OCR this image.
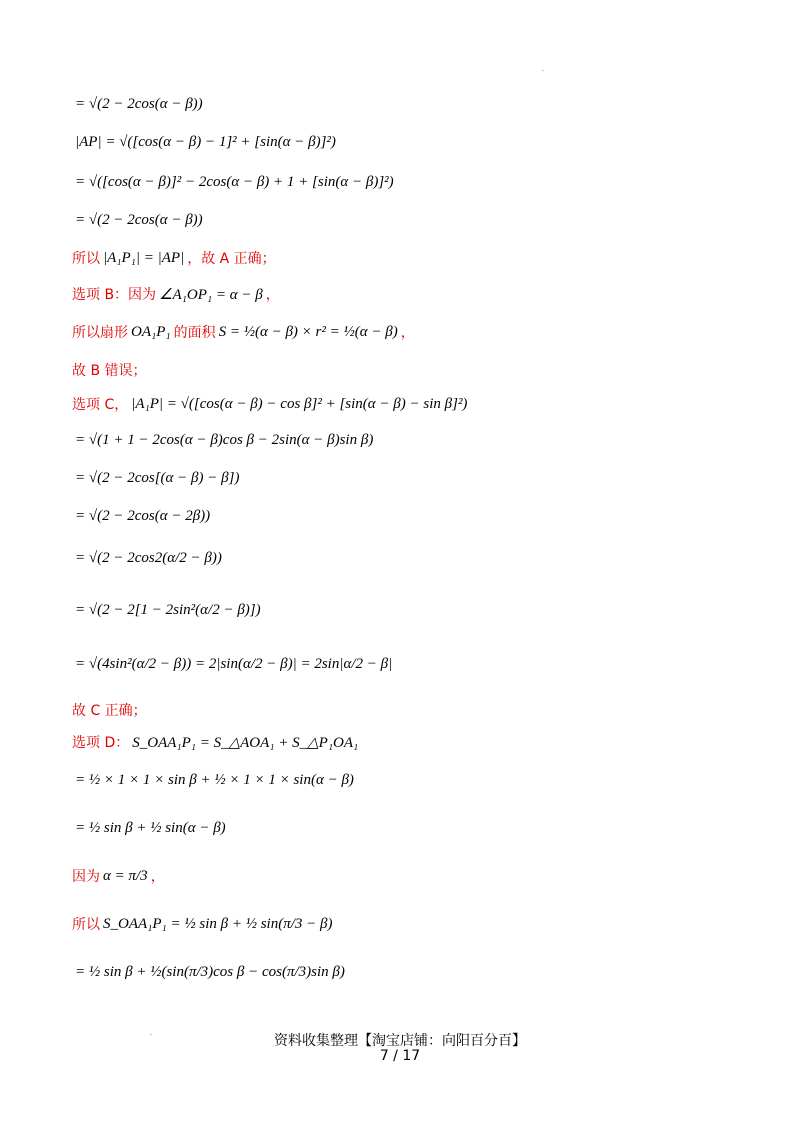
.
= √(2 − 2cos(α − β))
|AP| = √([cos(α − β) − 1]² + [sin(α − β)]²)
= √([cos(α − β)]² − 2cos(α − β) + 1 + [sin(α − β)]²)
= √(2 − 2cos(α − β))
所以 |A₁P₁| = |AP| ，故 A 正确；
选项 B：因为 ∠A₁OP₁ = α − β ，
所以扇形 OA₁P₁ 的面积 S = ½(α − β) × r² = ½(α − β) ，
故 B 错误；
选项 C， |A₁P| = √([cos(α − β) − cos β]² + [sin(α − β) − sin β]²)
= √(1 + 1 − 2cos(α − β)cos β − 2sin(α − β)sin β)
= √(2 − 2cos[(α − β) − β])
= √(2 − 2cos(α − 2β))
= √(2 − 2cos2(α/2 − β))
= √(2 − 2[1 − 2sin²(α/2 − β)])
= √(4sin²(α/2 − β)) = 2|sin(α/2 − β)| = 2sin|α/2 − β|
故 C 正确；
选项 D： S_OAA₁P₁ = S_△AOA₁ + S_△P₁OA₁
= ½ × 1 × 1 × sin β + ½ × 1 × 1 × sin(α − β)
= ½ sin β + ½ sin(α − β)
因为 α = π/3 ，
所以 S_OAA₁P₁ = ½ sin β + ½ sin(π/3 − β)
= ½ sin β + ½(sin(π/3)cos β − cos(π/3)sin β)
.
资料收集整理【淘宝店铺：向阳百分百】
7 / 17
